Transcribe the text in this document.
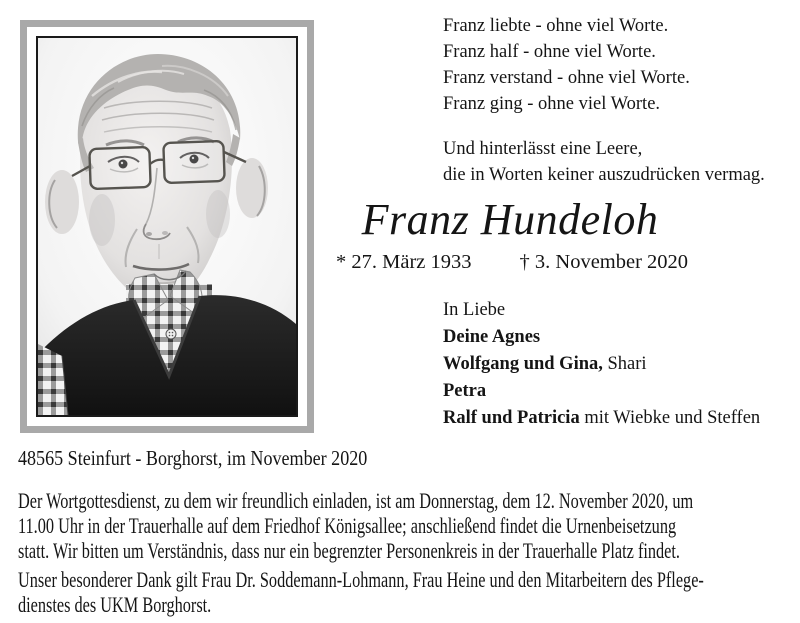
Franz liebte - ohne viel Worte.
Franz half - ohne viel Worte.
Franz verstand - ohne viel Worte.
Franz ging - ohne viel Worte.
Und hinterlässt eine Leere,
die in Worten keiner auszudrücken vermag.
Franz Hundeloh
* 27. März 1933 † 3. November 2020
In Liebe
Deine Agnes
Wolfgang und Gina, Shari
Petra
Ralf und Patricia mit Wiebke und Steffen
48565 Steinfurt - Borghorst, im November 2020
Der Wortgottesdienst, zu dem wir freundlich einladen, ist am Donnerstag, dem 12. November 2020, um
11.00 Uhr in der Trauerhalle auf dem Friedhof Königsallee; anschließend findet die Urnenbeisetzung
statt. Wir bitten um Verständnis, dass nur ein begrenzter Personenkreis in der Trauerhalle Platz findet.
Unser besonderer Dank gilt Frau Dr. Soddemann-Lohmann, Frau Heine und den Mitarbeitern des Pflege-
dienstes des UKM Borghorst.
